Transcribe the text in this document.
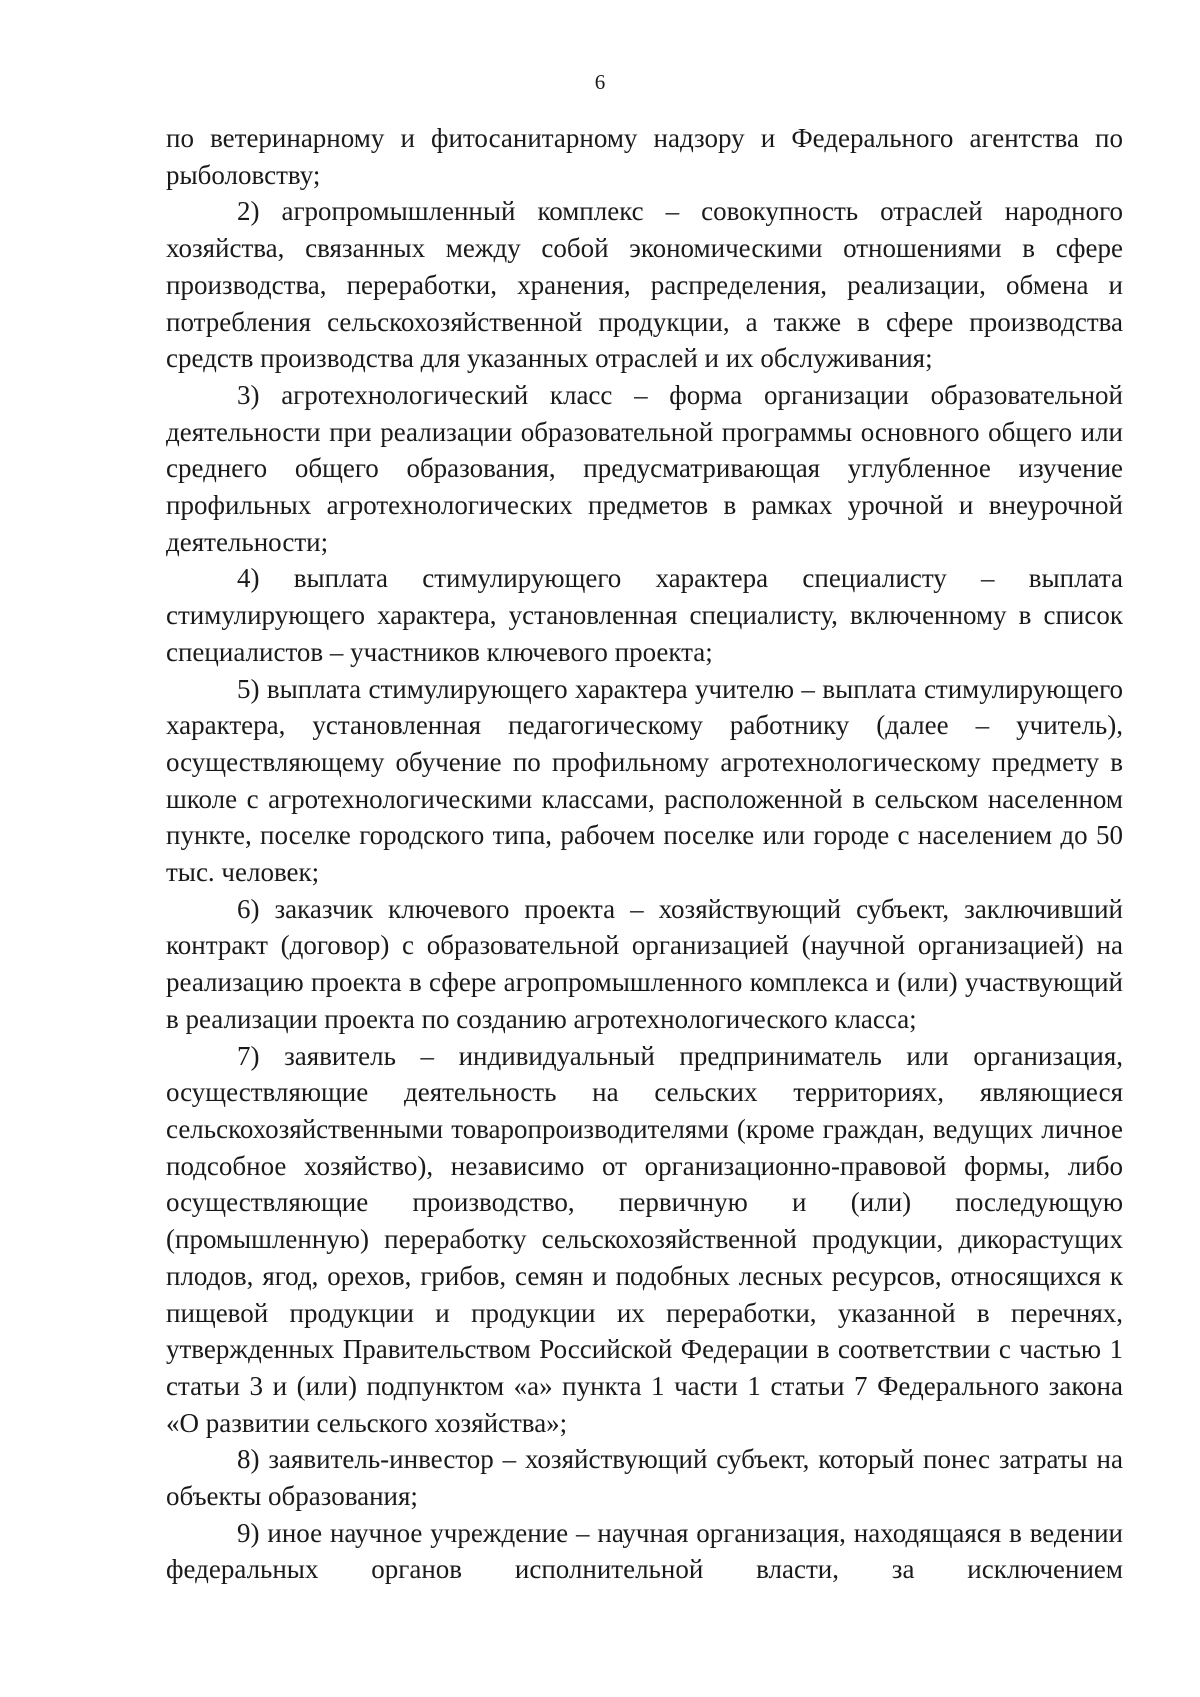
6

по ветеринарному и фитосанитарному надзору и Федерального агентства по рыболовству;

2) агропромышленный комплекс – совокупность отраслей народного хозяйства, связанных между собой экономическими отношениями в сфере производства, переработки, хранения, распределения, реализации, обмена и потребления сельскохозяйственной продукции, а также в сфере производства средств производства для указанных отраслей и их обслуживания;

3) агротехнологический класс – форма организации образовательной деятельности при реализации образовательной программы основного общего или среднего общего образования, предусматривающая углубленное изучение профильных агротехнологических предметов в рамках урочной и внеурочной деятельности;

4) выплата стимулирующего характера специалисту – выплата стимулирующего характера, установленная специалисту, включенному в список специалистов – участников ключевого проекта;

5) выплата стимулирующего характера учителю – выплата стимулирующего характера, установленная педагогическому работнику (далее – учитель), осуществляющему обучение по профильному агротехнологическому предмету в школе с агротехнологическими классами, расположенной в сельском населенном пункте, поселке городского типа, рабочем поселке или городе с населением до 50 тыс. человек;

6) заказчик ключевого проекта – хозяйствующий субъект, заключивший контракт (договор) с образовательной организацией (научной организацией) на реализацию проекта в сфере агропромышленного комплекса и (или) участвующий в реализации проекта по созданию агротехнологического класса;

7) заявитель – индивидуальный предприниматель или организация, осуществляющие деятельность на сельских территориях, являющиеся сельскохозяйственными товаропроизводителями (кроме граждан, ведущих личное подсобное хозяйство), независимо от организационно-правовой формы, либо осуществляющие производство, первичную и (или) последующую (промышленную) переработку сельскохозяйственной продукции, дикорастущих плодов, ягод, орехов, грибов, семян и подобных лесных ресурсов, относящихся к пищевой продукции и продукции их переработки, указанной в перечнях, утвержденных Правительством Российской Федерации в соответствии с частью 1 статьи 3 и (или) подпунктом «а» пункта 1 части 1 статьи 7 Федерального закона «О развитии сельского хозяйства»;

8) заявитель-инвестор – хозяйствующий субъект, который понес затраты на объекты образования;

9) иное научное учреждение – научная организация, находящаяся в ведении федеральных органов исполнительной власти, за исключением
